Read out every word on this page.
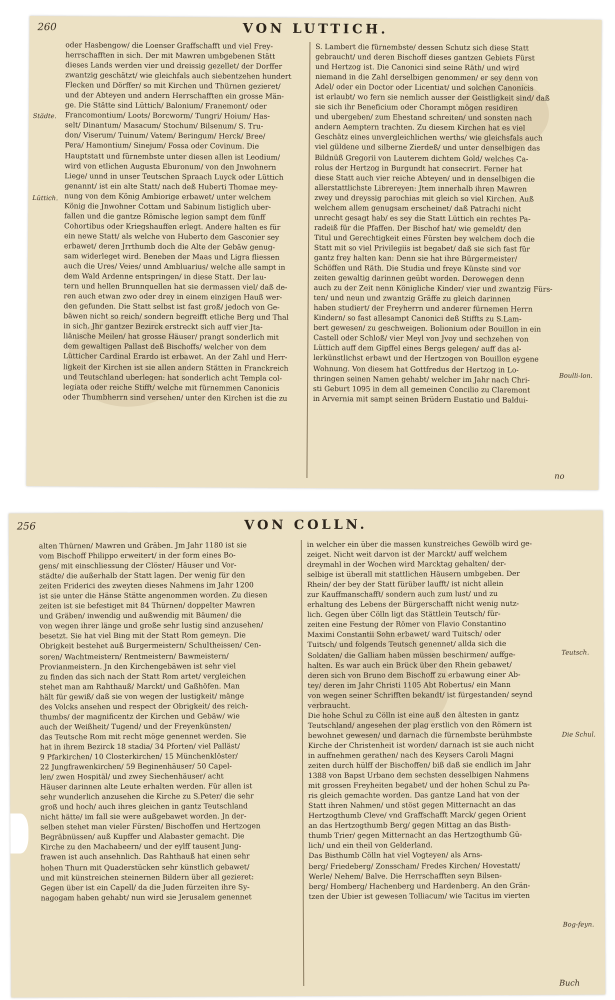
260	VON LUTTICH.

oder Hasbengow/ die Loenser Graffschafft und viel Frey-

herrschafften in sich. Der mit Mawren umbgebenen Stätt

dieses Lands werden vier und dreissig gezellet/ der Dorffer

zwantzig geschätzt/ wie gleichfals auch siebentzehen hundert

Flecken und Dörffer/ so mit Kirchen und Thürnen gezieret/

und der Abteyen und andern Herrschafften ein grosse Män-

ge. Die Stätte sind Lüttich/ Balonium/ Franemont/ oder

Francomontium/ Loots/ Borcworm/ Tungri/ Hoium/ Has-

selt/ Dinantum/ Masacum/ Stochum/ Bilsenum/ S. Tru-

don/ Viserum/ Tuinum/ Vatem/ Beringum/ Herck/ Bree/

Pera/ Hamontium/ Sinejum/ Fossa oder Covinum. Die

Hauptstatt und fürnembste unter diesen allen ist Leodium/

wird von etlichen Augusta Eburonum/ von den Jnwohnern

Liege/ unnd in unser Teutschen Spraach Luyck oder Lüttich

genannt/ ist ein alte Statt/ nach deß Huberti Thomae mey-

nung von dem König Ambiorige erbawet/ unter welchem

König die Jnwohner Cottam und Sabinum listiglich uber-

fallen und die gantze Römische legion sampt dem fünff

Cohortibus oder Kriegshauffen erlegt. Andere halten es für

ein newe Statt/ als welche von Huberto dem Gasconier sey

erbawet/ deren Jrrthumb doch die Alte der Gebäw genug-

sam widerleget wird. Beneben der Maas und Ligra fliessen

auch die Ures/ Veies/ unnd Ambluarius/ welche alle sampt in

dem Wald Ardenne entspringen/ in diese Statt. Der lau-

tern und hellen Brunnquellen hat sie dermassen viel/ daß de-

ren auch etwan zwo oder drey in einem einzigen Hauß wer-

den gefunden. Die Statt selbst ist fast groß/ jedoch von Ge-

bäwen nicht so reich/ sondern begreifft etliche Berg und Thal

in sich. Jhr gantzer Bezirck erstreckt sich auff vier Jta-

liänische Meilen/ hat grosse Häuser/ prangt sonderlich mit

dem gewaltigen Pallast deß Bischoffs/ welcher von dem

Lütticher Cardinal Erardo ist erbawet. An der Zahl und Herr-

ligkeit der Kirchen ist sie allen andern Stätten in Franckreich

und Teutschland uberlegen: hat sonderlich acht Templa col-

legiata oder reiche Stifft/ welche mit fürnemmen Canonicis

oder Thumbherrn sind versehen/ unter den Kirchen ist die zu

S. Lambert die fürnembste/ dessen Schutz sich diese Statt

gebraucht/ und deren Bischoff dieses gantzen Gebiets Fürst

und Hertzog ist. Die Canonici sind seine Räth/ und wird

niemand in die Zahl derselbigen genommen/ er sey denn von

Adel/ oder ein Doctor oder Licentiat/ und solchen Canonicis

ist erlaubt/ wo fern sie nemlich ausser der Geistligkeit sind/ daß

sie sich ihr Beneficium oder Chorampt mögen residiren

und ubergeben/ zum Ehestand schreiten/ und sonsten nach

andern Aemptern trachten. Zu diesem Kirchen hat es viel

Geschätz eines unvergleichlichen werths/ wie gleichsfals auch

viel güldene und silberne Zierdeß/ und unter denselbigen das

Bildnüß Gregorii von Lauterem dichtem Gold/ welches Ca-

rolus der Hertzog in Burgundt hat consecrirt. Ferner hat

diese Statt auch vier reiche Abteyen/ und in denselbigen die

allerstattlichste Librereyen: Jtem innerhalb ihren Mawren

zwey und dreyssig parochias mit gleich so viel Kirchen. Auß

welchem allem genugsam erscheinet/ daß Patrachi nicht

unrecht gesagt hab/ es sey die Statt Lüttich ein rechtes Pa-

radeiß für die Pfaffen. Der Bischof hat/ wie gemeldt/ den

Titul und Gerechtigkeit eines Fürsten bey welchem doch die

Statt mit so viel Privilegiis ist begabet/ daß sie sich fast für

gantz frey halten kan: Denn sie hat ihre Bürgermeister/

Schöffen und Räth. Die Studia und freye Künste sind vor

zeiten gewaltig darinnen geübt worden. Derowegen denn

auch zu der Zeit nenn Königliche Kinder/ vier und zwantzig Fürs-

ten/ und neun und zwantzig Gräffe zu gleich darinnen

haben studiert/ der Freyherrn und anderer fürnemen Herrn

Kindern/ so fast allesampt Canonici deß Stiffts zu S.Lam-

bert gewesen/ zu geschweigen. Bolionium oder Bouillon in ein

Castell oder Schloß/ vier Meyl von Jvoy und sechzehen von

Lüttich auff dem Gipffel eines Bergs gelegen/ auff das al-

lerkünstlichst erbawt und der Hertzogen von Bouillon eygene

Wohnung. Von diesem hat Gottfredus der Hertzog in Lo-

thringen seinen Namen gehabt/ welcher im Jahr nach Chri-

sti Geburt 1095 in dem all gemeinen Concilio zu Claremont

in Arvernia mit sampt seinen Brüdern Eustatio und Baldui-

Städte.
Lüttich.
Boulli-lon.
no
256	VON COLLN.

alten Thürnen/ Mawren und Gräben. Jm Jahr 1180 ist sie

vom Bischoff Philippo erweitert/ in der form eines Bo-

gens/ mit einschliessung der Clöster/ Häuser und Vor-

städte/ die außerhalb der Statt lagen. Der wenig für den

zeiten Friderici des zweyten dieses Nahmens im Jahr 1200

ist sie unter die Hänse Stätte angenommen worden. Zu diesen

zeiten ist sie befestiget mit 84 Thürnen/ doppelter Mawren

und Gräben/ inwendig und außwendig mit Bäumen/ die

von wegen ihrer länge und große sehr lustig sind anzusehen/

besetzt. Sie hat viel Bing mit der Statt Rom gemeyn. Die

Obrigkeit bestehet auß Burgermeistern/ Schultheissen/ Cen-

soren/ Wachtmeistern/ Rentmeistern/ Bawmeistern/

Provianmeistern. Jn den Kirchengebäwen ist sehr viel

zu finden das sich nach der Statt Rom artet/ vergleichen

stehet man am Rahthauß/ Marckt/ und Gaßhöfen. Man

hält für gewiß/ daß sie von wegen der lustigkeit/ mänge

des Volcks ansehen und respect der Obrigkeit/ des reich-

thumbs/ der magnificentz der Kirchen und Gebäw/ wie

auch der Weißheit/ Tugend/ und der Freyenkünsten/

das Teutsche Rom mit recht möge genennet werden. Sie

hat in ihrem Bezirck 18 stadia/ 34 Pforten/ viel Palläst/

9 Pfarkirchen/ 10 Closterkirchen/ 15 Münchenklöster/

22 Jungfrawenkirchen/ 59 Beginenhäuser/ 50 Capel-

len/ zwen Hospitäl/ und zwey Siechenhäuser/ acht

Häuser darinnen alte Leute erhalten werden. Für allen ist

sehr wunderlich anzusehen die Kirche zu S.Peter/ die sehr

groß und hoch/ auch ihres gleichen in gantz Teutschland

nicht hätte/ im fall sie were außgebawet worden. Jn der-

selben stehet man vieler Fürsten/ Bischoffen und Hertzogen

Begräbnüssen/ auß Kupffer und Alabaster gemacht. Die

Kirche zu den Machabeern/ und der eylff tausent Jung-

frawen ist auch ansehnlich. Das Rahthauß hat einen sehr

hohen Thurn mit Quaderstücken sehr künstlich gebawet/

und mit künstreichen steinernen Bildern über all gezieret:

Gegen über ist ein Capell/ da die Juden fürzeiten ihre Sy-

nagogam haben gehabt/ nun wird sie Jerusalem genennet

in welcher ein über die massen kunstreiches Gewölb wird ge-

zeiget. Nicht weit darvon ist der Marckt/ auff welchem

dreymahl in der Wochen wird Marcktag gehalten/ der-

selbige ist überall mit stattlichen Häusern umbgeben. Der

Rhein/ der bey der Statt fürüber laufft/ ist nicht allein

zur Kauffmanschafft/ sondern auch zum lust/ und zu

erhaltung des Lebens der Bürgerschafft nicht wenig nutz-

lich. Gegen über Cölln ligt das Stättlein Teutsch/ für-

zeiten eine Festung der Römer von Flavio Constantino

Maximi Constantii Sohn erbawet/ ward Tuitsch/ oder

Tuitsch/ und folgends Teutsch genennet/ allda sich die

Soldaten/ die Galliam haben müssen beschirmen/ auffge-

halten. Es war auch ein Brück über den Rhein gebawet/

deren sich von Bruno dem Bischoff zu erbawung einer Ab-

tey/ deren im Jahr Christi 1105 Abt Robertus/ ein Mann

von wegen seiner Schrifften bekandt/ ist fürgestanden/ seynd

verbraucht.

Die hohe Schul zu Cölln ist eine auß den ältesten in gantz

Teutschland/ angesehen der plag erstlich von den Römern ist

bewohnet gewesen/ und darnach die fürnembste berühmbste

Kirche der Christenheit ist worden/ darnach ist sie auch nicht

in auffnehmen gerathen/ nach des Keysers Caroli Magni

zeiten durch hülff der Bischoffen/ biß daß sie endlich im Jahr

1388 von Bapst Urbano dem sechsten desselbigen Nahmens

mit grossen Freyheiten begabet/ und der hohen Schul zu Pa-

ris gleich gemachte worden. Das gantze Land hat von der

Statt ihren Nahmen/ und stöst gegen Mitternacht an das

Hertzogthumb Cleve/ vnd Graffschafft Marck/ gegen Orient

an das Hertzogthumb Berg/ gegen Mittag an das Bisth-

thumb Trier/ gegen Mitternacht an das Hertzogthumb Gü-

lich/ und ein theil von Gelderland.

Das Bisthumb Cölln hat viel Vogteyen/ als Arns-

berg/ Friedeberg/ Zonsscham/ Fredes Kirchen/ Hovestatt/

Werle/ Nehem/ Balve. Die Herrschafften seyn Bilsen-

berg/ Homberg/ Hachenberg und Hardenberg. An den Grän-

tzen der Ubier ist gewesen Tolliacum/ wie Tacitus im vierten

Teutsch.
Die Schul.
Bog-feyn.
Buch
